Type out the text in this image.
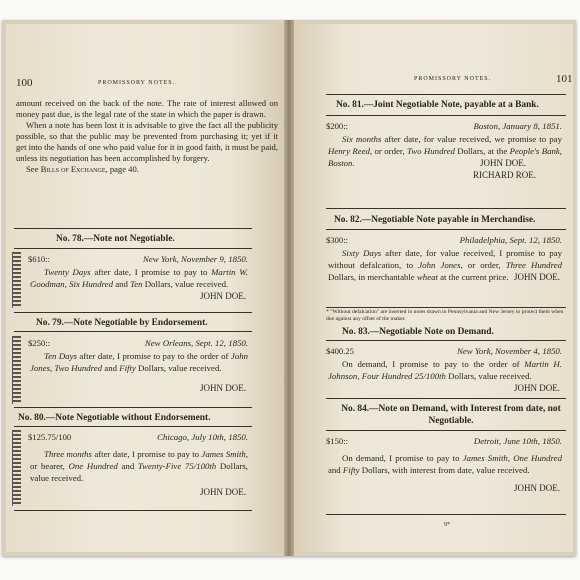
100	PROMISSORY NOTES.

amount received on the back of the note. The rate of interest allowed on money past due, is the legal rate of the state in which the paper is drawn.

When a note has been lost it is advisable to give the fact all the publicity possible, so that the public may be prevented from purchasing it; yet if it get into the hands of one who paid value for it in good faith, it must be paid, unless its negotiation has been accomplished by forgery.

See Bills of Exchange, page 40.

No. 78.—Note not Negotiable.
$610::	New York, November 9, 1850.

Twenty Days after date, I promise to pay to Martin W. Goodman, Six Hundred and Ten Dollars, value received.

JOHN DOE.
No. 79.—Note Negotiable by Endorsement.
$250::	New Orleans, Sept. 12, 1850.

Ten Days after date, I promise to pay to the order of John Jones, Two Hundred and Fifty Dollars, value received.

JOHN DOE.
No. 80.—Note Negotiable without Endorsement.
$125.75/100	Chicago, July 10th, 1850.

Three months after date, I promise to pay to James Smith, or bearer, One Hundred and Twenty-Five 75/100th Dollars, value received.

JOHN DOE.
PROMISSORY NOTES.	101
No. 81.—Joint Negotiable Note, payable at a Bank.
$200::	Boston, January 8, 1851.

Six months after date, for value received, we promise to pay Henry Reed, or order, Two Hundred Dollars, at the People's Bank, Boston.	JOHN DOE.
RICHARD ROE.
No. 82.—Negotiable Note payable in Merchandise.
$300::	Philadelphia, Sept. 12, 1850.

Sixty Days after date, for value received, I promise to pay without defalcation, to John Jones, or order, Three Hundred Dollars, in merchantable wheat at the current price. JOHN DOE.
* "Without defalcation" are inserted in notes drawn in Pennsylvania and New Jersey to protect them when due against any offset of the maker.
No. 83.—Negotiable Note on Demand.
$400.25	New York, November 4, 1850.

On demand, I promise to pay to the order of Martin H. Johnson, Four Hundred 25/100th Dollars, value received.

JOHN DOE.
No. 84.—Note on Demand, with Interest from date, not Negotiable.
$150::	Detroit, June 10th, 1850.

On demand, I promise to pay to James Smith, One Hundred and Fifty Dollars, with interest from date, value received.

JOHN DOE.
9*
